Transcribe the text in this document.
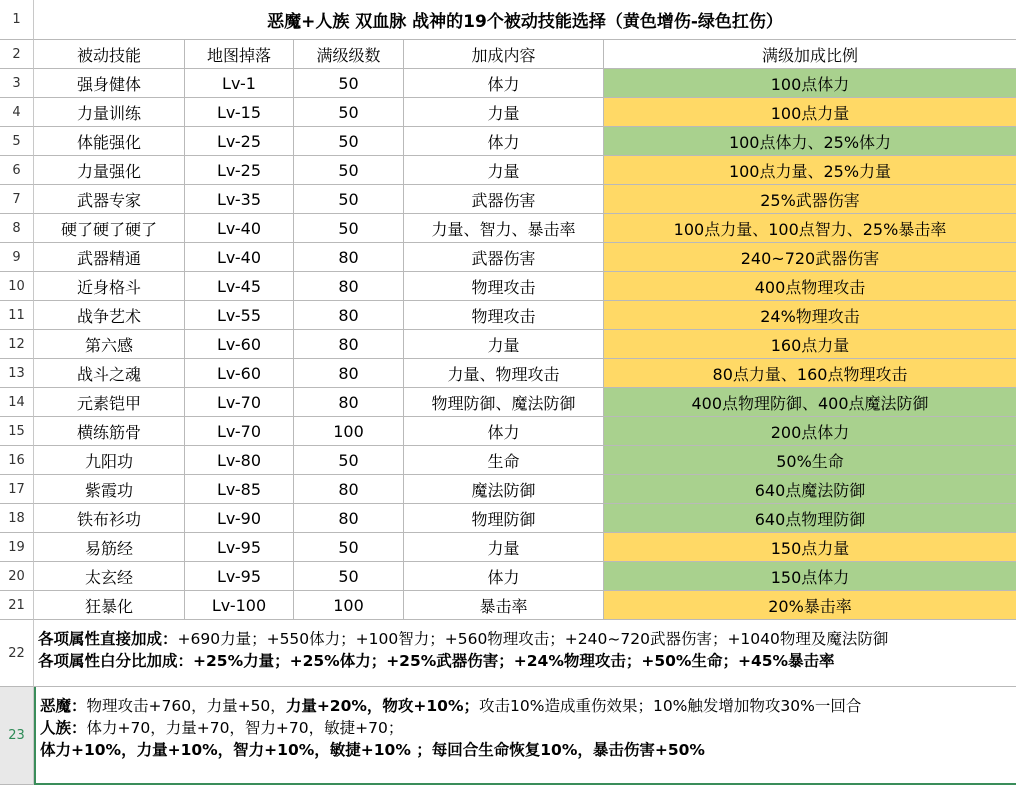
1	恶魔+人族 双血脉 战神的19个被动技能选择（黄色增伤-绿色扛伤）
2	被动技能	地图掉落	满级级数	加成内容	满级加成比例
3	强身健体	Lv-1	50	体力	100点体力
4	力量训练	Lv-15	50	力量	100点力量
5	体能强化	Lv-25	50	体力	100点体力、25%体力
6	力量强化	Lv-25	50	力量	100点力量、25%力量
7	武器专家	Lv-35	50	武器伤害	25%武器伤害
8	硬了硬了硬了	Lv-40	50	力量、智力、暴击率	100点力量、100点智力、25%暴击率
9	武器精通	Lv-40	80	武器伤害	240~720武器伤害
10	近身格斗	Lv-45	80	物理攻击	400点物理攻击
11	战争艺术	Lv-55	80	物理攻击	24%物理攻击
12	第六感	Lv-60	80	力量	160点力量
13	战斗之魂	Lv-60	80	力量、物理攻击	80点力量、160点物理攻击
14	元素铠甲	Lv-70	80	物理防御、魔法防御	400点物理防御、400点魔法防御
15	横练筋骨	Lv-70	100	体力	200点体力
16	九阳功	Lv-80	50	生命	50%生命
17	紫霞功	Lv-85	80	魔法防御	640点魔法防御
18	铁布衫功	Lv-90	80	物理防御	640点物理防御
19	易筋经	Lv-95	50	力量	150点力量
20	太玄经	Lv-95	50	体力	150点体力
21	狂暴化	Lv-100	100	暴击率	20%暴击率
22
各项属性直接加成：+690力量；+550体力；+100智力；+560物理攻击；+240~720武器伤害；+1040物理及魔法防御
各项属性白分比加成：+25%力量；+25%体力；+25%武器伤害；+24%物理攻击；+50%生命；+45%暴击率
23
恶魔：物理攻击+760，力量+50，力量+20%，物攻+10%；攻击10%造成重伤效果；10%触发增加物攻30%一回合
人族：体力+70，力量+70，智力+70，敏捷+70；
体力+10%，力量+10%，智力+10%，敏捷+10% ；每回合生命恢复10%，暴击伤害+50%
